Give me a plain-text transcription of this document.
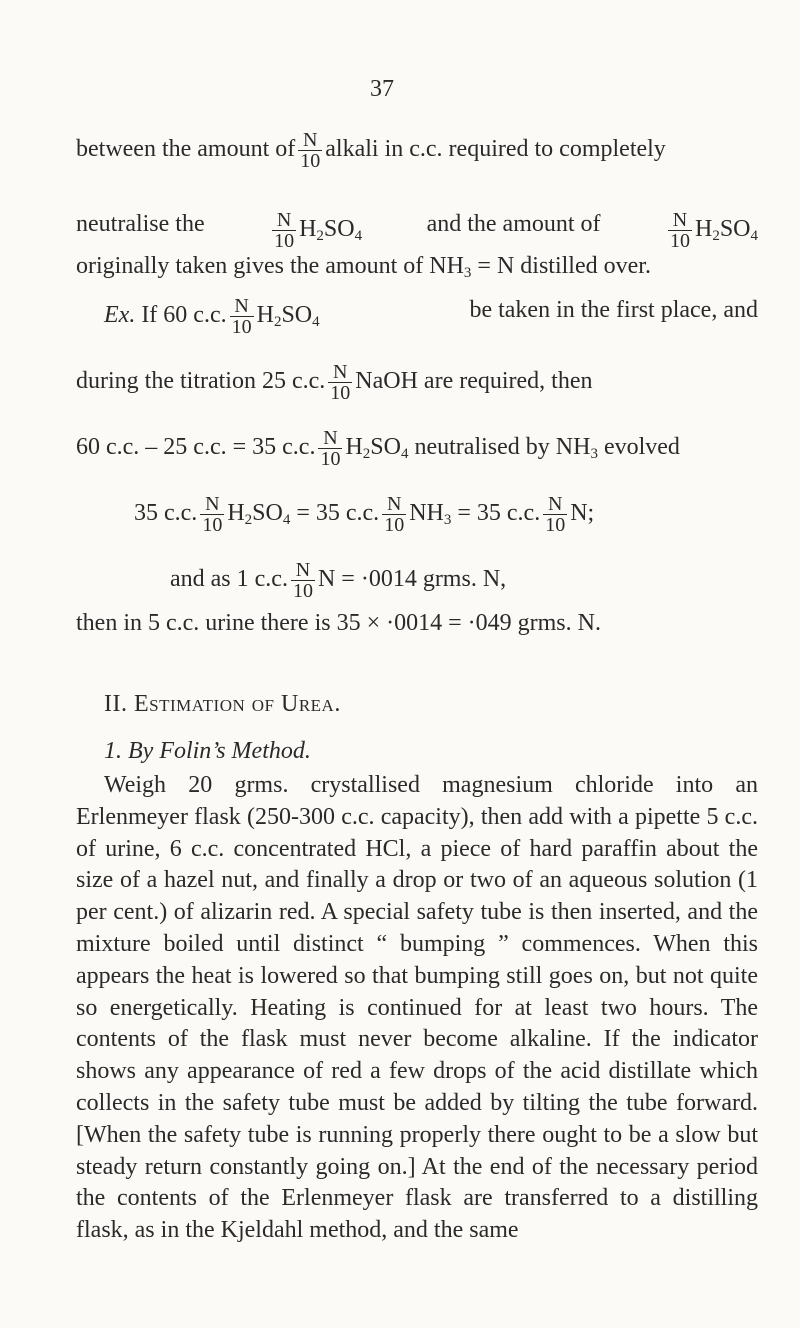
37
between the amount of $\frac{N}{10}$ alkali in c.c. required to completely
neutralise the	$\frac{N}{10} H_2SO_4$	and the amount of	$\frac{N}{10} H_2SO_4$
originally taken gives the amount of $NH_3 = N$ distilled over.
Ex. If 60 c.c. $\frac{N}{10} H_2SO_4$	be taken in the first place, and
during the titration 25 c.c. $\frac{N}{10}$ NaOH are required, then
60 c.c. – 25 c.c. = 35 c.c. $\frac{N}{10} H_2SO_4$ neutralised by $NH_3$ evolved
35 c.c. $\frac{N}{10} H_2SO_4 = 35$ c.c. $\frac{N}{10} NH_3 = 35$ c.c. $\frac{N}{10} N$;
and as 1 c.c. $\frac{N}{10}$ N = ·0014 grms. N,
then in 5 c.c. urine there is 35 × ·0014 = ·049 grms. N.
II. Estimation of Urea.
1. By Folin’s Method.

Weigh 20 grms. crystallised magnesium chloride into an Erlenmeyer flask (250-300 c.c. capacity), then add with a pipette 5 c.c. of urine, 6 c.c. concentrated HCl, a piece of hard paraffin about the size of a hazel nut, and finally a drop or two of an aqueous solution (1 per cent.) of alizarin red. A special safety tube is then inserted, and the mixture boiled until distinct “ bumping ” commences. When this appears the heat is lowered so that bumping still goes on, but not quite so energetically. Heating is continued for at least two hours. The contents of the flask must never become alkaline. If the indicator shows any appearance of red a few drops of the acid distillate which collects in the safety tube must be added by tilting the tube forward. [When the safety tube is running properly there ought to be a slow but steady return constantly going on.] At the end of the necessary period the contents of the Erlenmeyer flask are transferred to a distilling flask, as in the Kjeldahl method, and the same
